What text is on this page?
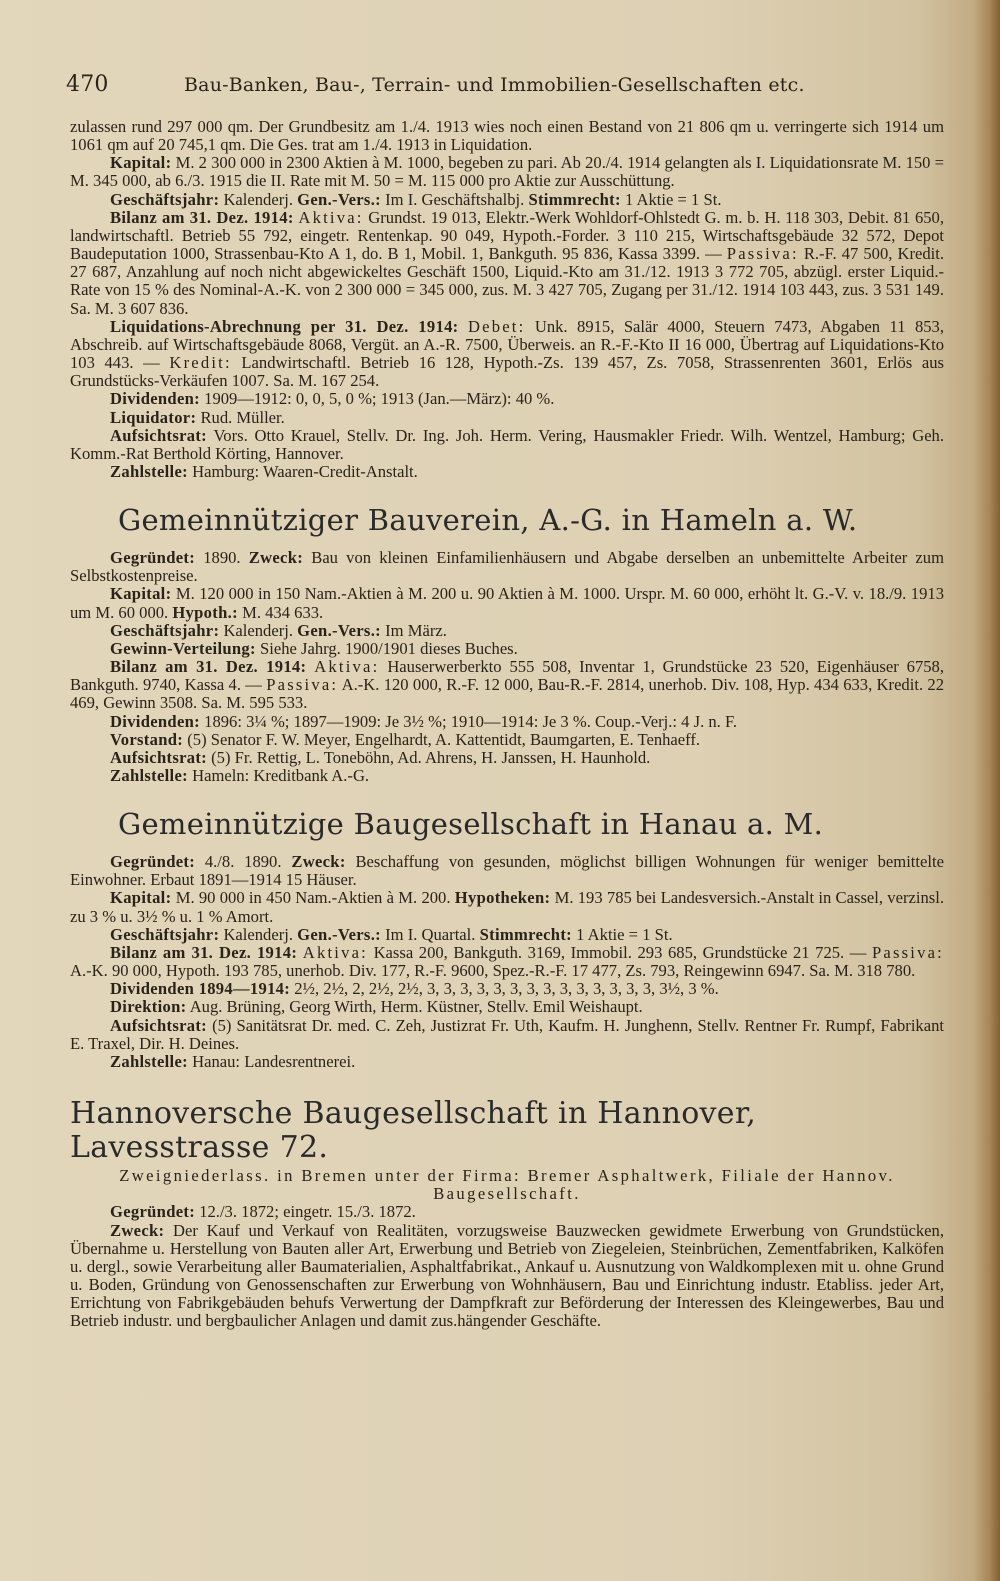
470	Bau-Banken, Bau-, Terrain- und Immobilien-Gesellschaften etc.

zulassen rund 297 000 qm. Der Grundbesitz am 1./4. 1913 wies noch einen Bestand von 21 806 qm u. verringerte sich 1914 um 1061 qm auf 20 745,1 qm. Die Ges. trat am 1./4. 1913 in Liquidation.

Kapital: M. 2 300 000 in 2300 Aktien à M. 1000, begeben zu pari. Ab 20./4. 1914 gelangten als I. Liquidationsrate M. 150 = M. 345 000, ab 6./3. 1915 die II. Rate mit M. 50 = M. 115 000 pro Aktie zur Ausschüttung.

Geschäftsjahr: Kalenderj. Gen.-Vers.: Im I. Geschäftshalbj. Stimmrecht: 1 Aktie = 1 St.

Bilanz am 31. Dez. 1914: Aktiva: Grundst. 19 013, Elektr.-Werk Wohldorf-Ohlstedt G. m. b. H. 118 303, Debit. 81 650, landwirtschaftl. Betrieb 55 792, eingetr. Rentenkap. 90 049, Hypoth.-Forder. 3 110 215, Wirtschaftsgebäude 32 572, Depot Baudeputation 1000, Strassenbau-Kto A 1, do. B 1, Mobil. 1, Bankguth. 95 836, Kassa 3399. — Passiva: R.-F. 47 500, Kredit. 27 687, Anzahlung auf noch nicht abgewickeltes Geschäft 1500, Liquid.-Kto am 31./12. 1913 3 772 705, abzügl. erster Liquid.-Rate von 15 % des Nominal-A.-K. von 2 300 000 = 345 000, zus. M. 3 427 705, Zugang per 31./12. 1914 103 443, zus. 3 531 149. Sa. M. 3 607 836.

Liquidations-Abrechnung per 31. Dez. 1914: Debet: Unk. 8915, Salär 4000, Steuern 7473, Abgaben 11 853, Abschreib. auf Wirtschaftsgebäude 8068, Vergüt. an A.-R. 7500, Überweis. an R.-F.-Kto II 16 000, Übertrag auf Liquidations-Kto 103 443. — Kredit: Landwirtschaftl. Betrieb 16 128, Hypoth.-Zs. 139 457, Zs. 7058, Strassenrenten 3601, Erlös aus Grundstücks-Verkäufen 1007. Sa. M. 167 254.

Dividenden: 1909—1912: 0, 0, 5, 0 %; 1913 (Jan.—März): 40 %.

Liquidator: Rud. Müller.

Aufsichtsrat: Vors. Otto Krauel, Stellv. Dr. Ing. Joh. Herm. Vering, Hausmakler Friedr. Wilh. Wentzel, Hamburg; Geh. Komm.-Rat Berthold Körting, Hannover.

Zahlstelle: Hamburg: Waaren-Credit-Anstalt.

Gemeinnütziger Bauverein, A.-G. in Hameln a. W.

Gegründet: 1890. Zweck: Bau von kleinen Einfamilienhäusern und Abgabe derselben an unbemittelte Arbeiter zum Selbstkostenpreise.

Kapital: M. 120 000 in 150 Nam.-Aktien à M. 200 u. 90 Aktien à M. 1000. Urspr. M. 60 000, erhöht lt. G.-V. v. 18./9. 1913 um M. 60 000. Hypoth.: M. 434 633.

Geschäftsjahr: Kalenderj. Gen.-Vers.: Im März.

Gewinn-Verteilung: Siehe Jahrg. 1900/1901 dieses Buches.

Bilanz am 31. Dez. 1914: Aktiva: Hauserwerberkto 555 508, Inventar 1, Grundstücke 23 520, Eigenhäuser 6758, Bankguth. 9740, Kassa 4. — Passiva: A.-K. 120 000, R.-F. 12 000, Bau-R.-F. 2814, unerhob. Div. 108, Hyp. 434 633, Kredit. 22 469, Gewinn 3508. Sa. M. 595 533.

Dividenden: 1896: 3¼ %; 1897—1909: Je 3½ %; 1910—1914: Je 3 %. Coup.-Verj.: 4 J. n. F.

Vorstand: (5) Senator F. W. Meyer, Engelhardt, A. Kattentidt, Baumgarten, E. Tenhaeff.

Aufsichtsrat: (5) Fr. Rettig, L. Toneböhn, Ad. Ahrens, H. Janssen, H. Haunhold.

Zahlstelle: Hameln: Kreditbank A.-G.

Gemeinnützige Baugesellschaft in Hanau a. M.

Gegründet: 4./8. 1890. Zweck: Beschaffung von gesunden, möglichst billigen Wohnungen für weniger bemittelte Einwohner. Erbaut 1891—1914 15 Häuser.

Kapital: M. 90 000 in 450 Nam.-Aktien à M. 200. Hypotheken: M. 193 785 bei Landesversich.-Anstalt in Cassel, verzinsl. zu 3 % u. 3½ % u. 1 % Amort.

Geschäftsjahr: Kalenderj. Gen.-Vers.: Im I. Quartal. Stimmrecht: 1 Aktie = 1 St.

Bilanz am 31. Dez. 1914: Aktiva: Kassa 200, Bankguth. 3169, Immobil. 293 685, Grundstücke 21 725. — Passiva: A.-K. 90 000, Hypoth. 193 785, unerhob. Div. 177, R.-F. 9600, Spez.-R.-F. 17 477, Zs. 793, Reingewinn 6947. Sa. M. 318 780.

Dividenden 1894—1914: 2½, 2½, 2, 2½, 2½, 3, 3, 3, 3, 3, 3, 3, 3, 3, 3, 3, 3, 3, 3, 3½, 3 %.

Direktion: Aug. Brüning, Georg Wirth, Herm. Küstner, Stellv. Emil Weishaupt.

Aufsichtsrat: (5) Sanitätsrat Dr. med. C. Zeh, Justizrat Fr. Uth, Kaufm. H. Junghenn, Stellv. Rentner Fr. Rumpf, Fabrikant E. Traxel, Dir. H. Deines.

Zahlstelle: Hanau: Landesrentnerei.

Hannoversche Baugesellschaft in Hannover, Lavesstrasse 72.

Zweigniederlass. in Bremen unter der Firma: Bremer Asphaltwerk, Filiale der Hannov. Baugesellschaft.

Gegründet: 12./3. 1872; eingetr. 15./3. 1872.

Zweck: Der Kauf und Verkauf von Realitäten, vorzugsweise Bauzwecken gewidmete Erwerbung von Grundstücken, Übernahme u. Herstellung von Bauten aller Art, Erwerbung und Betrieb von Ziegeleien, Steinbrüchen, Zementfabriken, Kalköfen u. dergl., sowie Verarbeitung aller Baumaterialien, Asphaltfabrikat., Ankauf u. Ausnutzung von Waldkomplexen mit u. ohne Grund u. Boden, Gründung von Genossenschaften zur Erwerbung von Wohnhäusern, Bau und Einrichtung industr. Etabliss. jeder Art, Errichtung von Fabrikgebäuden behufs Verwertung der Dampfkraft zur Beförderung der Interessen des Kleingewerbes, Bau und Betrieb industr. und bergbaulicher Anlagen und damit zus.hängender Geschäfte.
